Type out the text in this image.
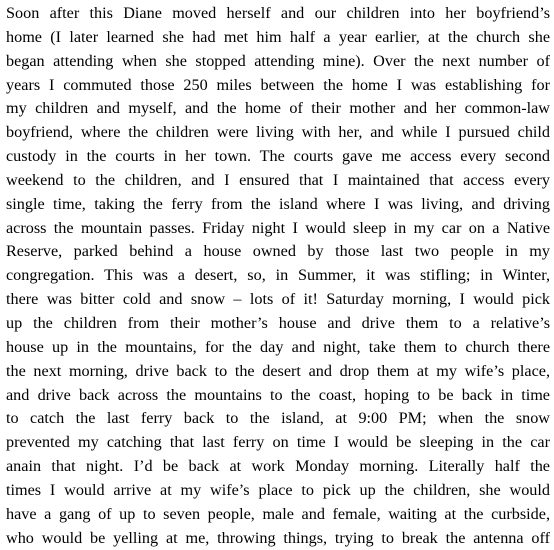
Soon after this Diane moved herself and our children into her boyfriend’s
home (I later learned she had met him half a year earlier, at the church she
began attending when she stopped attending mine). Over the next number of
years I commuted those 250 miles between the home I was establishing for
my children and myself, and the home of their mother and her common-law
boyfriend, where the children were living with her, and while I pursued child
custody in the courts in her town. The courts gave me access every second
weekend to the children, and I ensured that I maintained that access every
single time, taking the ferry from the island where I was living, and driving
across the mountain passes. Friday night I would sleep in my car on a Native
Reserve, parked behind a house owned by those last two people in my
congregation. This was a desert, so, in Summer, it was stifling; in Winter,
there was bitter cold and snow – lots of it! Saturday morning, I would pick
up the children from their mother’s house and drive them to a relative’s
house up in the mountains, for the day and night, take them to church there
the next morning, drive back to the desert and drop them at my wife’s place,
and drive back across the mountains to the coast, hoping to be back in time
to catch the last ferry back to the island, at 9:00 PM; when the snow
prevented my catching that last ferry on time I would be sleeping in the car
anain that night. I’d be back at work Monday morning. Literally half the
times I would arrive at my wife’s place to pick up the children, she would
have a gang of up to seven people, male and female, waiting at the curbside,
who would be yelling at me, throwing things, trying to break the antenna off
